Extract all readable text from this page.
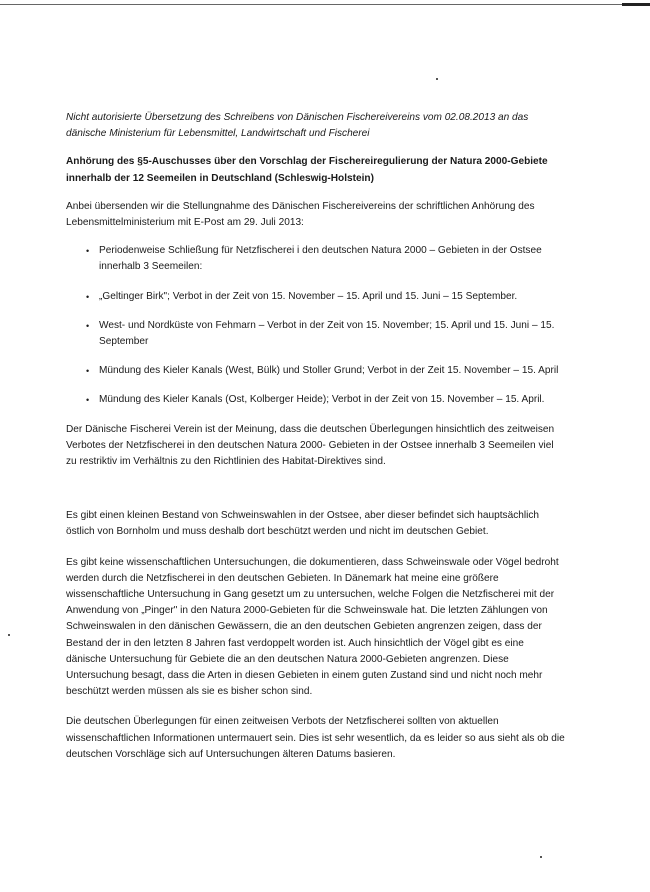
Nicht autorisierte Übersetzung des Schreibens von Dänischen Fischereivereins vom 02.08.2013 an das dänische Ministerium für Lebensmittel, Landwirtschaft und Fischerei

Anhörung des §5-Auschusses über den Vorschlag der Fischereiregulierung der Natura 2000-Gebiete innerhalb der 12 Seemeilen in Deutschland (Schleswig-Holstein)

Anbei übersenden wir die Stellungnahme des Dänischen Fischereivereins der schriftlichen Anhörung des Lebensmittelministerium mit E-Post am 29. Juli 2013:

• Periodenweise Schließung für Netzfischerei i den deutschen Natura 2000 – Gebieten in der Ostsee innerhalb 3 Seemeilen:
• „Geltinger Birk"; Verbot in der Zeit von 15. November – 15. April und 15. Juni – 15 September.
• West- und Nordküste von Fehmarn – Verbot in der Zeit von 15. November; 15. April und 15. Juni – 15. September
• Mündung des Kieler Kanals (West, Bülk) und Stoller Grund; Verbot in der Zeit 15. November – 15. April
• Mündung des Kieler Kanals (Ost, Kolberger Heide); Verbot in der Zeit von 15. November – 15. April.

Der Dänische Fischerei Verein ist der Meinung, dass die deutschen Überlegungen hinsichtlich des zeitweisen Verbotes der Netzfischerei in den deutschen Natura 2000- Gebieten in der Ostsee innerhalb 3 Seemeilen viel zu restriktiv im Verhältnis zu den Richtlinien des Habitat-Direktives sind.

Es gibt einen kleinen Bestand von Schweinswahlen in der Ostsee, aber dieser befindet sich hauptsächlich östlich von Bornholm und muss deshalb dort beschützt werden und nicht im deutschen Gebiet.

Es gibt keine wissenschaftlichen Untersuchungen, die dokumentieren, dass Schweinswale oder Vögel bedroht werden durch die Netzfischerei in den deutschen Gebieten. In Dänemark hat meine eine größere wissenschaftliche Untersuchung in Gang gesetzt um zu untersuchen, welche Folgen die Netzfischerei mit der Anwendung von „Pinger" in den Natura 2000-Gebieten für die Schweinswale hat. Die letzten Zählungen von Schweinswalen in den dänischen Gewässern, die an den deutschen Gebieten angrenzen zeigen, dass der Bestand der in den letzten 8 Jahren fast verdoppelt worden ist. Auch hinsichtlich der Vögel gibt es eine dänische Untersuchung für Gebiete die an den deutschen Natura 2000-Gebieten angrenzen. Diese Untersuchung besagt, dass die Arten in diesen Gebieten in einem guten Zustand sind und nicht noch mehr beschützt werden müssen als sie es bisher schon sind.

Die deutschen Überlegungen für einen zeitweisen Verbots der Netzfischerei sollten von aktuellen wissenschaftlichen Informationen untermauert sein. Dies ist sehr wesentlich, da es leider so aus sieht als ob die deutschen Vorschläge sich auf Untersuchungen älteren Datums basieren.
